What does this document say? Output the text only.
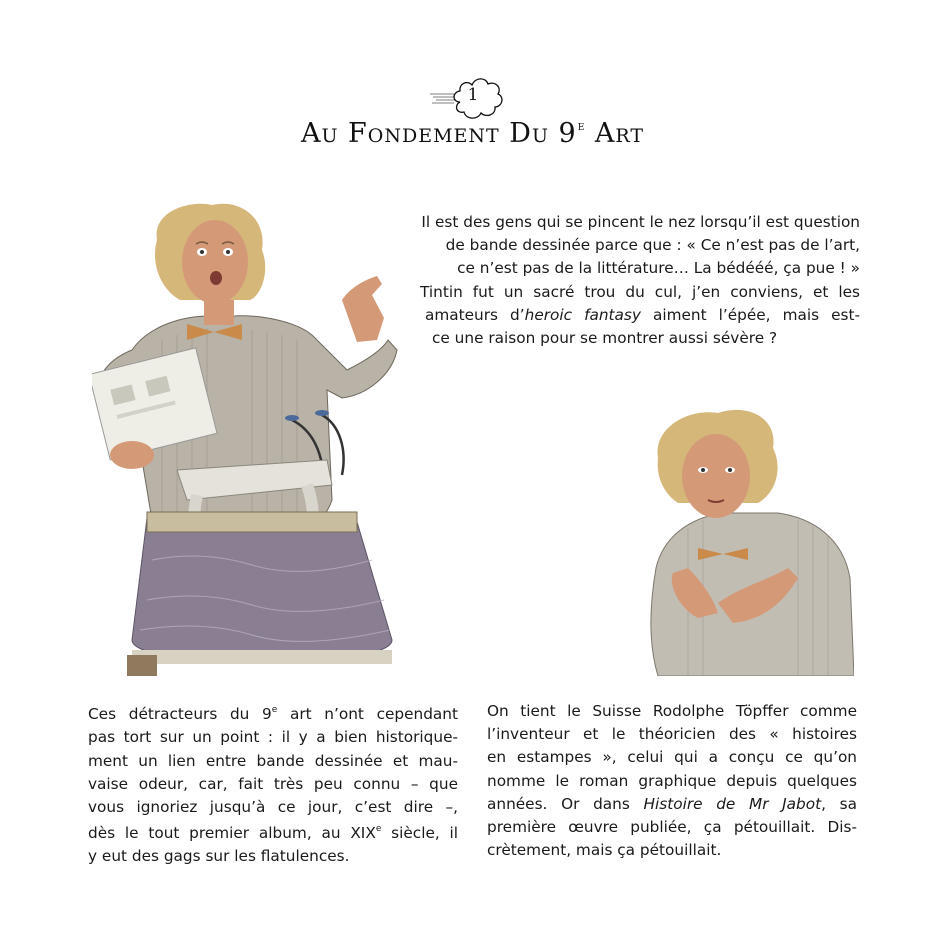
1
Au Fondement Du 9e Art

Il est des gens qui se pincent le nez lorsqu’il est question
de bande dessinée parce que : « Ce n’est pas de l’art,
ce n’est pas de la littérature… La bédééé, ça pue ! »
Tintin fut un sacré trou du cul, j’en conviens, et les
amateurs d’heroic fantasy aiment l’épée, mais est-
ce une raison pour se montrer aussi sévère ?

Ces détracteurs du 9e art n’ont cependant
pas tort sur un point : il y a bien historique-
ment un lien entre bande dessinée et mau-
vaise odeur, car, fait très peu connu – que
vous ignoriez jusqu’à ce jour, c’est dire –,
dès le tout premier album, au XIXe siècle, il
y eut des gags sur les flatulences.

On tient le Suisse Rodolphe Töpffer comme
l’inventeur et le théoricien des « histoires
en estampes », celui qui a conçu ce qu’on
nomme le roman graphique depuis quelques
années. Or dans Histoire de Mr Jabot, sa
première œuvre publiée, ça pétouillait. Dis-
crètement, mais ça pétouillait.
